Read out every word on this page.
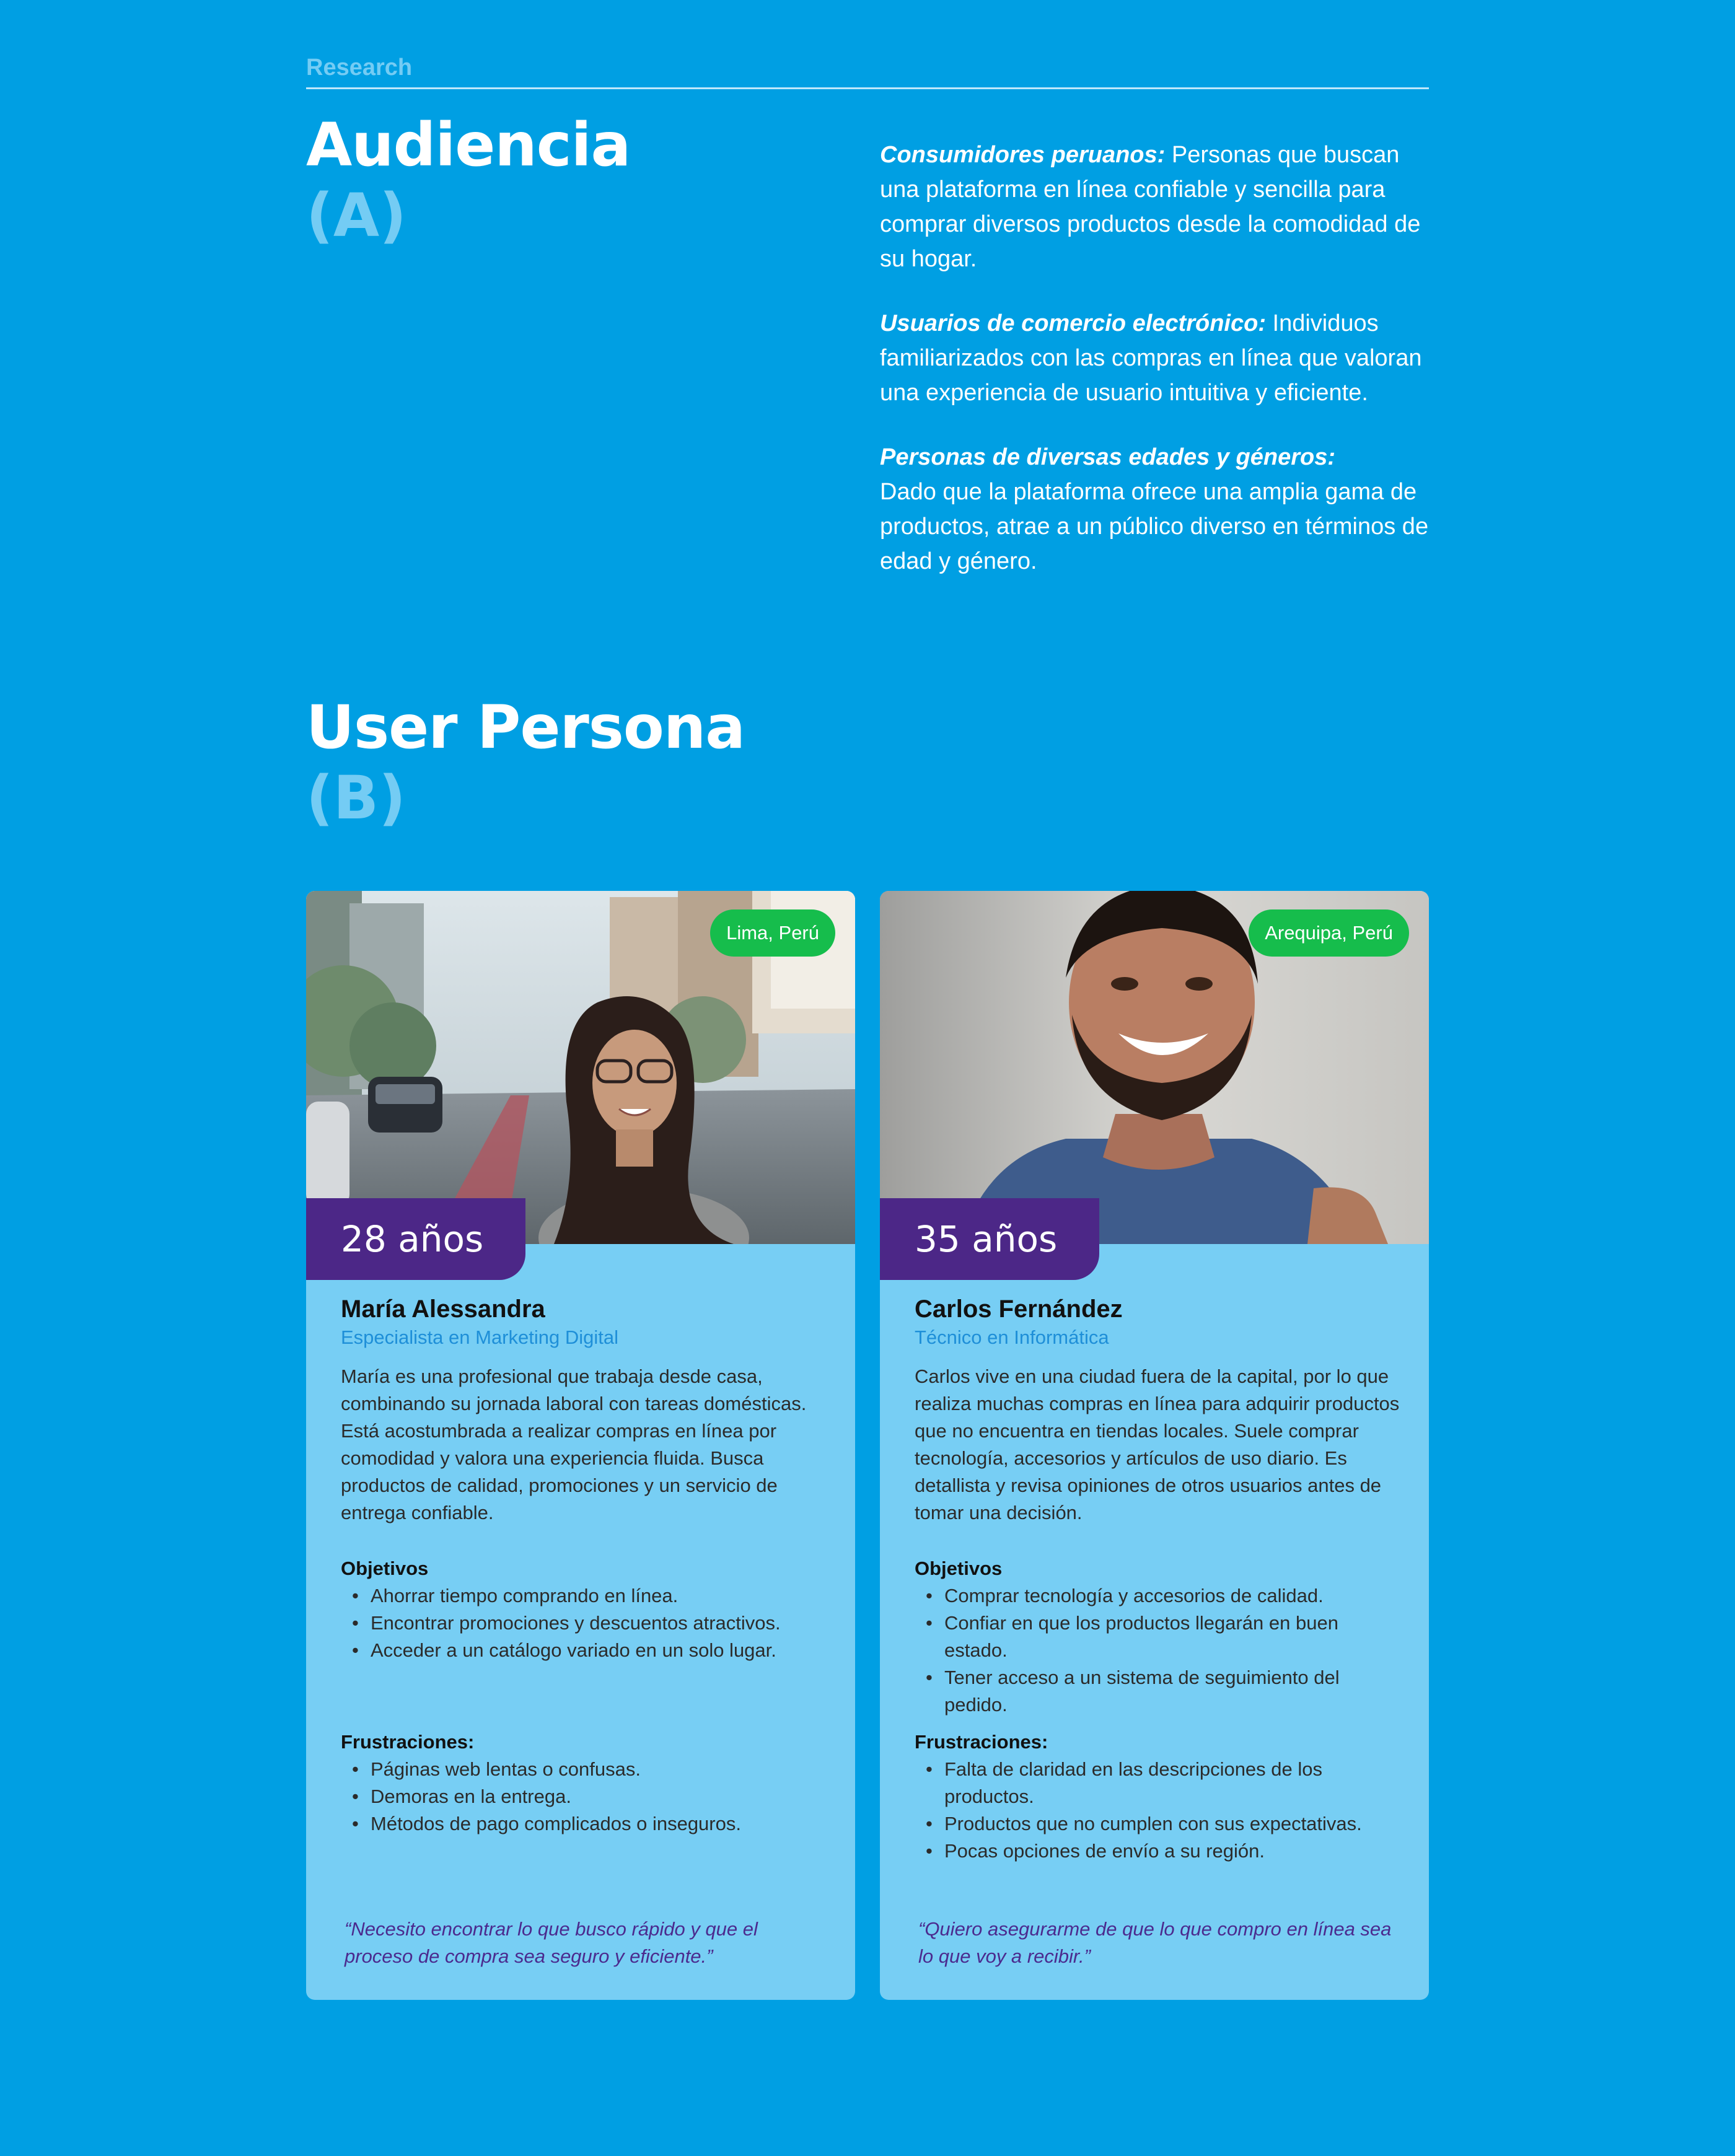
Research
Audiencia
(A)

Consumidores peruanos: Personas que buscan una plataforma en línea confiable y sencilla para comprar diversos productos desde la comodidad de su hogar.

Usuarios de comercio electrónico: Individuos familiarizados con las compras en línea que valoran una experiencia de usuario intuitiva y eficiente.

Personas de diversas edades y géneros:
Dado que la plataforma ofrece una amplia gama de productos, atrae a un público diverso en términos de edad y género.

User Persona
(B)
Lima, Perú
28 años
María Alessandra
Especialista en Marketing Digital
María es una profesional que trabaja desde casa, combinando su jornada laboral con tareas domésticas. Está acostumbrada a realizar compras en línea por comodidad y valora una experiencia fluida. Busca productos de calidad, promociones y un servicio de entrega confiable.
Objetivos
• Ahorrar tiempo comprando en línea.
• Encontrar promociones y descuentos atractivos.
• Acceder a un catálogo variado en un solo lugar.
Frustraciones:
• Páginas web lentas o confusas.
• Demoras en la entrega.
• Métodos de pago complicados o inseguros.
“Necesito encontrar lo que busco rápido y que el proceso de compra sea seguro y eficiente.”
Arequipa, Perú
35 años
Carlos Fernández
Técnico en Informática
Carlos vive en una ciudad fuera de la capital, por lo que realiza muchas compras en línea para adquirir productos que no encuentra en tiendas locales. Suele comprar tecnología, accesorios y artículos de uso diario. Es detallista y revisa opiniones de otros usuarios antes de tomar una decisión.
Objetivos
• Comprar tecnología y accesorios de calidad.
• Confiar en que los productos llegarán en buen estado.
• Tener acceso a un sistema de seguimiento del pedido.
Frustraciones:
• Falta de claridad en las descripciones de los productos.
• Productos que no cumplen con sus expectativas.
• Pocas opciones de envío a su región.
“Quiero asegurarme de que lo que compro en línea sea lo que voy a recibir.”
